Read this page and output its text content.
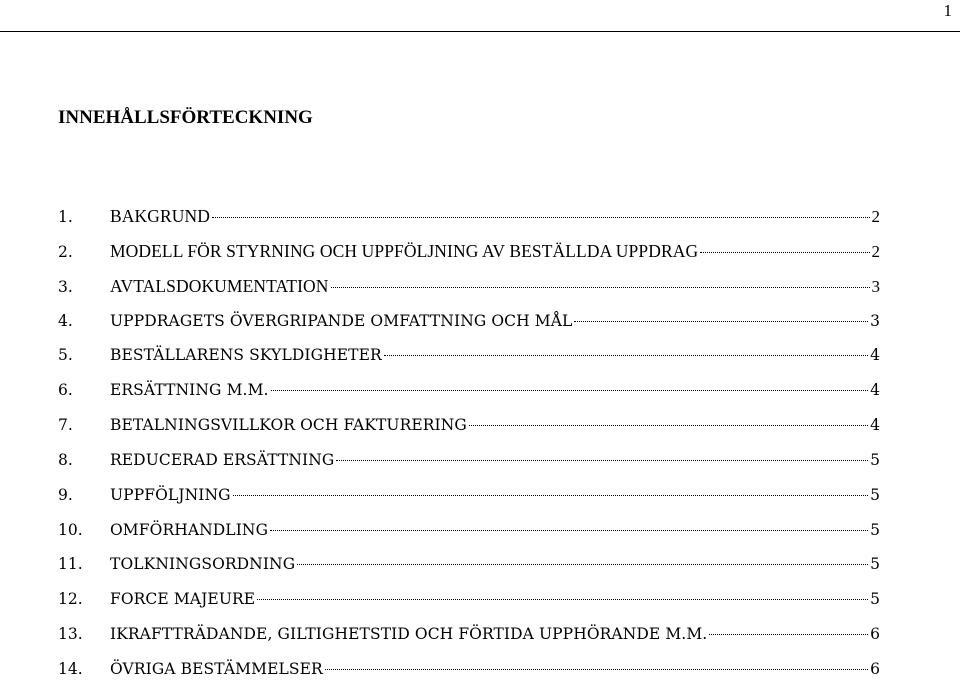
1
INNEHÅLLSFÖRTECKNING
1.	BAKGRUND	2
2.	MODELL FÖR STYRNING OCH UPPFÖLJNING AV BESTÄLLDA UPPDRAG	2
3.	AVTALSDOKUMENTATION	3
4.	UPPDRAGETS ÖVERGRIPANDE OMFATTNING OCH MÅL	3
5.	BESTÄLLARENS SKYLDIGHETER	4
6.	ERSÄTTNING M.M.	4
7.	BETALNINGSVILLKOR OCH FAKTURERING	4
8.	REDUCERAD ERSÄTTNING	5
9.	UPPFÖLJNING	5
10.	OMFÖRHANDLING	5
11.	TOLKNINGSORDNING	5
12.	FORCE MAJEURE	5
13.	IKRAFTTRÄDANDE, GILTIGHETSTID OCH FÖRTIDA UPPHÖRANDE M.M.	6
14.	ÖVRIGA BESTÄMMELSER	6
